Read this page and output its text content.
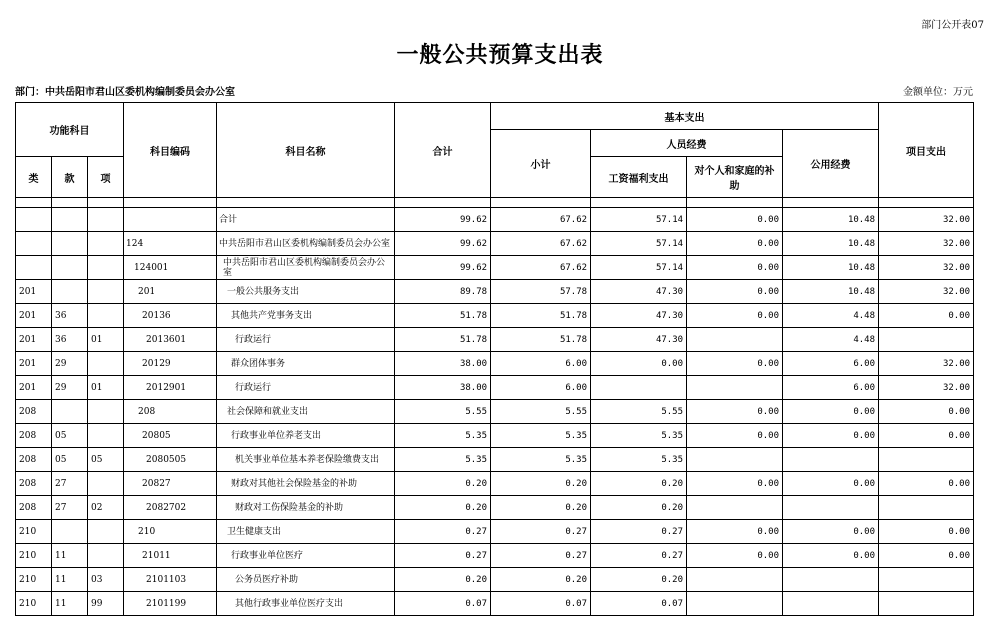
部门公开表07
一般公共预算支出表
部门：中共岳阳市君山区委机构编制委员会办公室	金额单位：万元
功能科目			科目编码	科目名称	合计	基本支出				项目支出
						小计	人员经费		公用经费	
类	款	项					工资福利支出	对个人和家庭的补助		

				合计	99.62	67.62	57.14	0.00	10.48	32.00
			124	中共岳阳市君山区委机构编制委员会办公室	99.62	67.62	57.14	0.00	10.48	32.00
			124001	中共岳阳市君山区委机构编制委员会办公室	99.62	67.62	57.14	0.00	10.48	32.00
201			201	一般公共服务支出	89.78	57.78	47.30	0.00	10.48	32.00
201	36		20136	其他共产党事务支出	51.78	51.78	47.30	0.00	4.48	0.00
201	36	01	2013601	行政运行	51.78	51.78	47.30		4.48	
201	29		20129	群众团体事务	38.00	6.00	0.00	0.00	6.00	32.00
201	29	01	2012901	行政运行	38.00	6.00			6.00	32.00
208			208	社会保障和就业支出	5.55	5.55	5.55	0.00	0.00	0.00
208	05		20805	行政事业单位养老支出	5.35	5.35	5.35	0.00	0.00	0.00
208	05	05	2080505	机关事业单位基本养老保险缴费支出	5.35	5.35	5.35			
208	27		20827	财政对其他社会保险基金的补助	0.20	0.20	0.20	0.00	0.00	0.00
208	27	02	2082702	财政对工伤保险基金的补助	0.20	0.20	0.20			
210			210	卫生健康支出	0.27	0.27	0.27	0.00	0.00	0.00
210	11		21011	行政事业单位医疗	0.27	0.27	0.27	0.00	0.00	0.00
210	11	03	2101103	公务员医疗补助	0.20	0.20	0.20			
210	11	99	2101199	其他行政事业单位医疗支出	0.07	0.07	0.07			
